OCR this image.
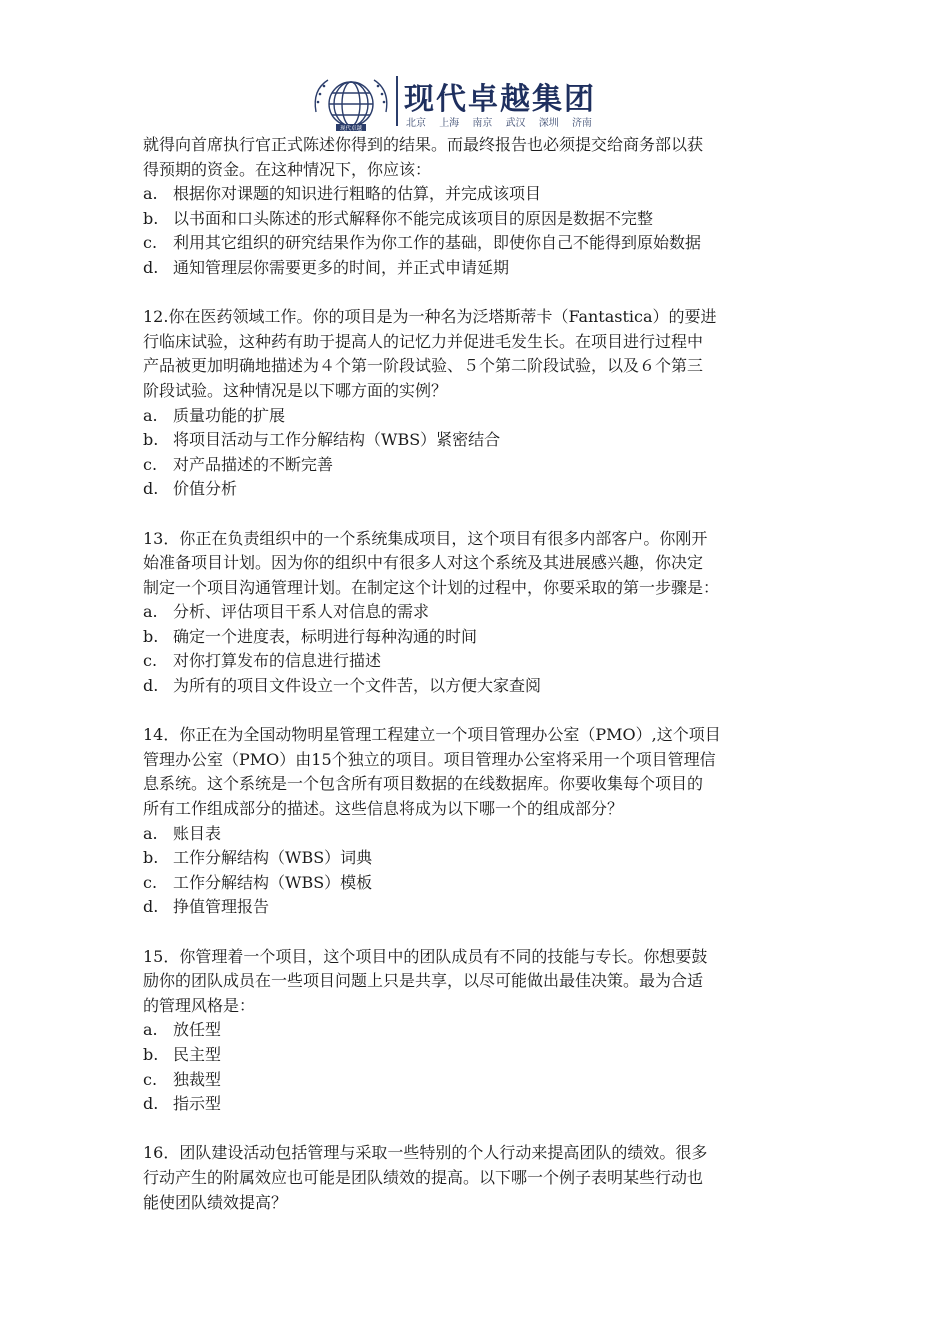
现代卓越
现代卓越集团
北京 上海 南京 武汉 深圳 济南

就得向首席执行官正式陈述你得到的结果。而最终报告也必须提交给商务部以获

得预期的资金。在这种情况下，你应该：

a. 根据你对课题的知识进行粗略的估算，并完成该项目

b. 以书面和口头陈述的形式解释你不能完成该项目的原因是数据不完整

c. 利用其它组织的研究结果作为你工作的基础，即使你自己不能得到原始数据

d. 通知管理层你需要更多的时间，并正式申请延期

12.你在医药领域工作。你的项目是为一种名为泛塔斯蒂卡（Fantastica）的要进

行临床试验，这种药有助于提高人的记忆力并促进毛发生长。在项目进行过程中

产品被更加明确地描述为４个第一阶段试验、５个第二阶段试验，以及６个第三

阶段试验。这种情况是以下哪方面的实例？

a. 质量功能的扩展

b. 将项目活动与工作分解结构（WBS）紧密结合

c. 对产品描述的不断完善

d. 价值分析

13．你正在负责组织中的一个系统集成项目，这个项目有很多内部客户。你刚开

始准备项目计划。因为你的组织中有很多人对这个系统及其进展感兴趣，你决定

制定一个项目沟通管理计划。在制定这个计划的过程中，你要采取的第一步骤是：

a. 分析、评估项目干系人对信息的需求

b. 确定一个进度表，标明进行每种沟通的时间

c. 对你打算发布的信息进行描述

d. 为所有的项目文件设立一个文件苦，以方便大家查阅

14．你正在为全国动物明星管理工程建立一个项目管理办公室（PMO）,这个项目

管理办公室（PMO）由15个独立的项目。项目管理办公室将采用一个项目管理信

息系统。这个系统是一个包含所有项目数据的在线数据库。你要收集每个项目的

所有工作组成部分的描述。这些信息将成为以下哪一个的组成部分？

a. 账目表

b. 工作分解结构（WBS）词典

c. 工作分解结构（WBS）模板

d. 挣值管理报告

15．你管理着一个项目，这个项目中的团队成员有不同的技能与专长。你想要鼓

励你的团队成员在一些项目问题上只是共享，以尽可能做出最佳决策。最为合适

的管理风格是：

a. 放任型

b. 民主型

c. 独裁型

d. 指示型

16．团队建设活动包括管理与采取一些特别的个人行动来提高团队的绩效。很多

行动产生的附属效应也可能是团队绩效的提高。以下哪一个例子表明某些行动也

能使团队绩效提高？
